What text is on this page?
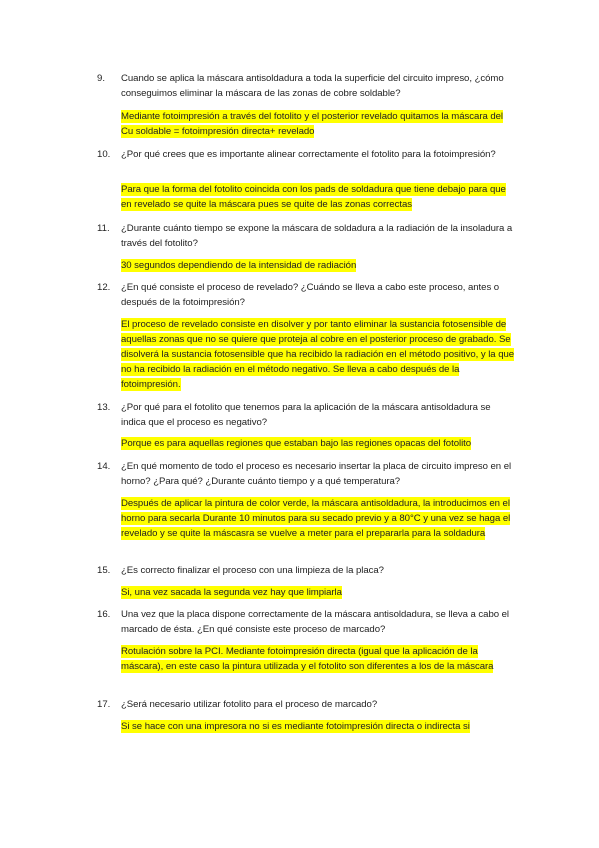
9.	Cuando se aplica la máscara antisoldadura a toda la superficie del circuito impreso, ¿cómo conseguimos eliminar la máscara de las zonas de cobre soldable?
Mediante fotoimpresión a través del fotolito y el posterior revelado quitamos la máscara del Cu soldable = fotoimpresión directa+ revelado
10.	¿Por qué crees que es importante alinear correctamente el fotolito para la fotoimpresión?
Para que la forma del fotolito coincida con los pads de soldadura que tiene debajo para que en revelado se quite la máscara pues se quite de las zonas correctas
11.	¿Durante cuánto tiempo se expone la máscara de soldadura a la radiación de la insoladura a través del fotolito?
30 segundos dependiendo de la intensidad de radiación
12.	¿En qué consiste el proceso de revelado? ¿Cuándo se lleva a cabo este proceso, antes o después de la fotoimpresión?
El proceso de revelado consiste en disolver y por tanto eliminar la sustancia fotosensible de aquellas zonas que no se quiere que proteja al cobre en el posterior proceso de grabado. Se disolverá la sustancia fotosensible que ha recibido la radiación en el método positivo, y la que no ha recibido la radiación en el método negativo. Se lleva a cabo después de la fotoimpresión.
13.	¿Por qué para el fotolito que tenemos para la aplicación de la máscara antisoldadura se indica que el proceso es negativo?
Porque es para aquellas regiones que estaban bajo las regiones opacas del fotolito
14.	¿En qué momento de todo el proceso es necesario insertar la placa de circuito impreso en el horno? ¿Para qué? ¿Durante cuánto tiempo y a qué temperatura?
Después de aplicar la pintura de color verde, la máscara antisoldadura, la introducimos en el horno para secarla Durante 10 minutos para su secado previo y a 80°C y una vez se haga el revelado y se quite la máscasra se vuelve a meter para el prepararla para la soldadura
15.	¿Es correcto finalizar el proceso con una limpieza de la placa?
Si, una vez sacada la segunda vez hay que limpiarla
16.	Una vez que la placa dispone correctamente de la máscara antisoldadura, se lleva a cabo el marcado de ésta. ¿En qué consiste este proceso de marcado?
Rotulación sobre la PCI. Mediante fotoimpresión directa (igual que la aplicación de la máscara), en este caso la pintura utilizada y el fotolito son diferentes a los de la máscara
17.	¿Será necesario utilizar fotolito para el proceso de marcado?
Si se hace con una impresora no si es mediante fotoimpresión directa o indirecta si
